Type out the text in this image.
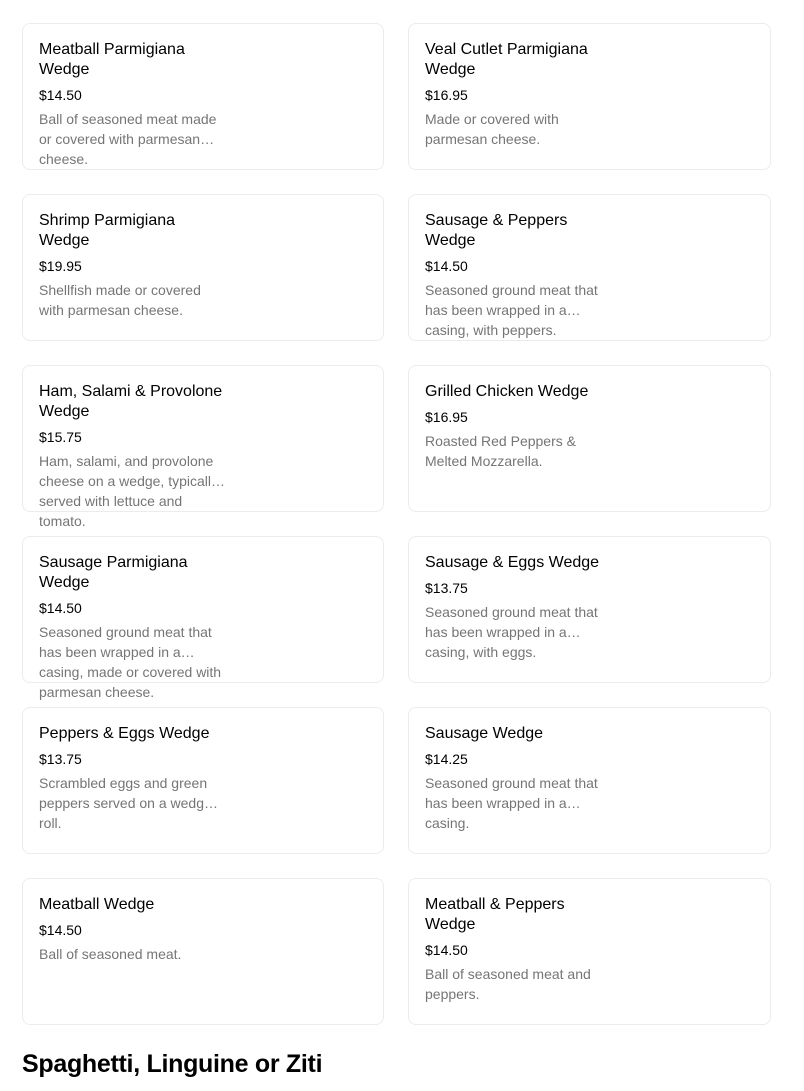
Meatball Parmigiana Wedge
$14.50
Ball of seasoned meat made or covered with parmesan cheese.
Veal Cutlet Parmigiana Wedge
$16.95
Made or covered with parmesan cheese.
Shrimp Parmigiana Wedge
$19.95
Shellfish made or covered with parmesan cheese.
Sausage & Peppers Wedge
$14.50
Seasoned ground meat that has been wrapped in a casing, with peppers.
Ham, Salami & Provolone Wedge
$15.75
Ham, salami, and provolone cheese on a wedge, typically served with lettuce and tomato.
Grilled Chicken Wedge
$16.95
Roasted Red Peppers & Melted Mozzarella.
Sausage Parmigiana Wedge
$14.50
Seasoned ground meat that has been wrapped in a casing, made or covered with parmesan cheese.
Sausage & Eggs Wedge
$13.75
Seasoned ground meat that has been wrapped in a casing, with eggs.
Peppers & Eggs Wedge
$13.75
Scrambled eggs and green peppers served on a wedge roll.
Sausage Wedge
$14.25
Seasoned ground meat that has been wrapped in a casing.
Meatball Wedge
$14.50
Ball of seasoned meat.
Meatball & Peppers Wedge
$14.50
Ball of seasoned meat and peppers.
Spaghetti, Linguine or Ziti
